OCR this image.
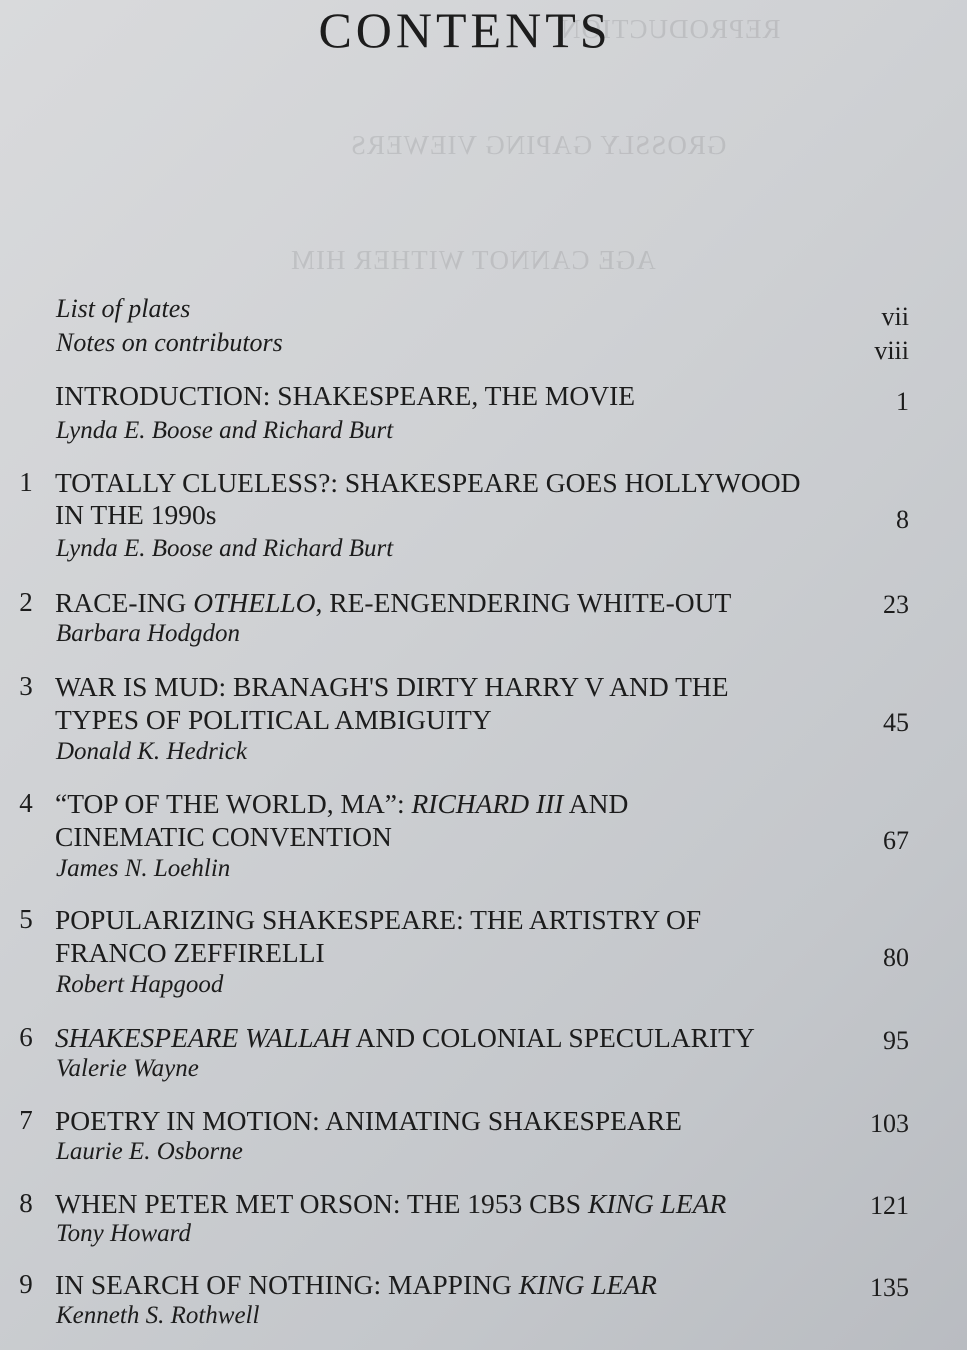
REPRODUCTION
GROSSLY GAPING VIEWERS
AGE CANNOT WITHER HIM
CONTENTS
List of plates	vii
Notes on contributors	viii
INTRODUCTION: SHAKESPEARE, THE MOVIE	1
Lynda E. Boose and Richard Burt
1 TOTALLY CLUELESS?: SHAKESPEARE GOES HOLLYWOOD
IN THE 1990s	8
Lynda E. Boose and Richard Burt
2 RACE-ING OTHELLO, RE-ENGENDERING WHITE-OUT	23
Barbara Hodgdon
3 WAR IS MUD: BRANAGH'S DIRTY HARRY V AND THE
TYPES OF POLITICAL AMBIGUITY	45
Donald K. Hedrick
4 “TOP OF THE WORLD, MA”: RICHARD III AND
CINEMATIC CONVENTION	67
James N. Loehlin
5 POPULARIZING SHAKESPEARE: THE ARTISTRY OF
FRANCO ZEFFIRELLI	80
Robert Hapgood
6 SHAKESPEARE WALLAH AND COLONIAL SPECULARITY	95
Valerie Wayne
7 POETRY IN MOTION: ANIMATING SHAKESPEARE	103
Laurie E. Osborne
8 WHEN PETER MET ORSON: THE 1953 CBS KING LEAR	121
Tony Howard
9 IN SEARCH OF NOTHING: MAPPING KING LEAR	135
Kenneth S. Rothwell
